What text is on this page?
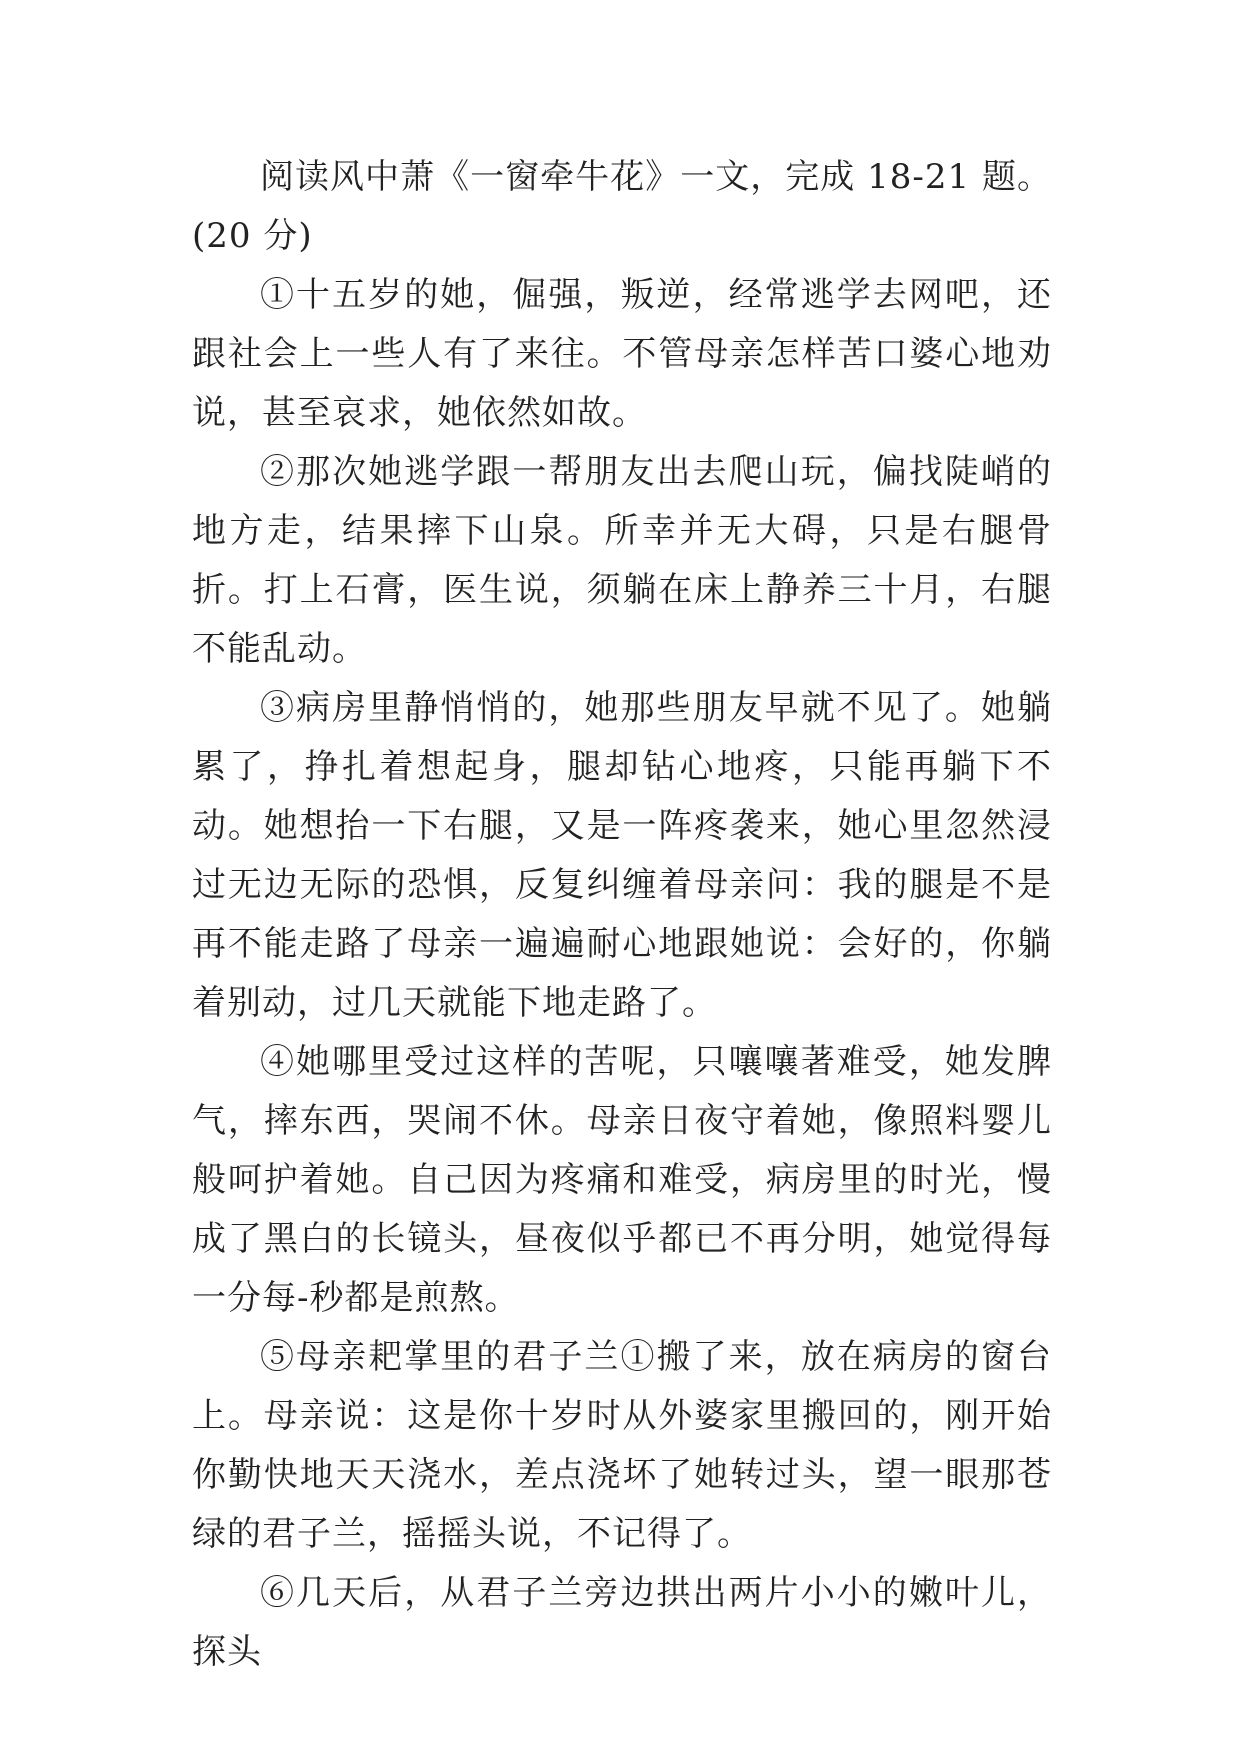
阅读风中萧《一窗牵牛花》一文，完成 18-21 题。(20 分)

①十五岁的她，倔强，叛逆，经常逃学去网吧，还跟社会上一些人有了来往。不管母亲怎样苦口婆心地劝说，甚至哀求，她依然如故。

②那次她逃学跟一帮朋友出去爬山玩，偏找陡峭的地方走，结果摔下山泉。所幸并无大碍，只是右腿骨折。打上石膏，医生说，须躺在床上静养三十月，右腿不能乱动。

③病房里静悄悄的，她那些朋友早就不见了。她躺累了，挣扎着想起身，腿却钻心地疼，只能再躺下不动。她想抬一下右腿，又是一阵疼袭来，她心里忽然浸过无边无际的恐惧，反复纠缠着母亲问：我的腿是不是再不能走路了母亲一遍遍耐心地跟她说：会好的，你躺着别动，过几天就能下地走路了。

④她哪里受过这样的苦呢，只嚷嚷著难受，她发脾气，摔东西，哭闹不休。母亲日夜守着她，像照料婴儿般呵护着她。自己因为疼痛和难受，病房里的时光，慢成了黑白的长镜头，昼夜似乎都已不再分明，她觉得每一分每-秒都是煎熬。

⑤母亲耙掌里的君子兰①搬了来，放在病房的窗台上。母亲说：这是你十岁时从外婆家里搬回的，刚开始你勤快地天天浇水，差点浇坏了她转过头，望一眼那苍绿的君子兰，摇摇头说，不记得了。

⑥几天后，从君子兰旁边拱出两片小小的嫩叶儿，探头
